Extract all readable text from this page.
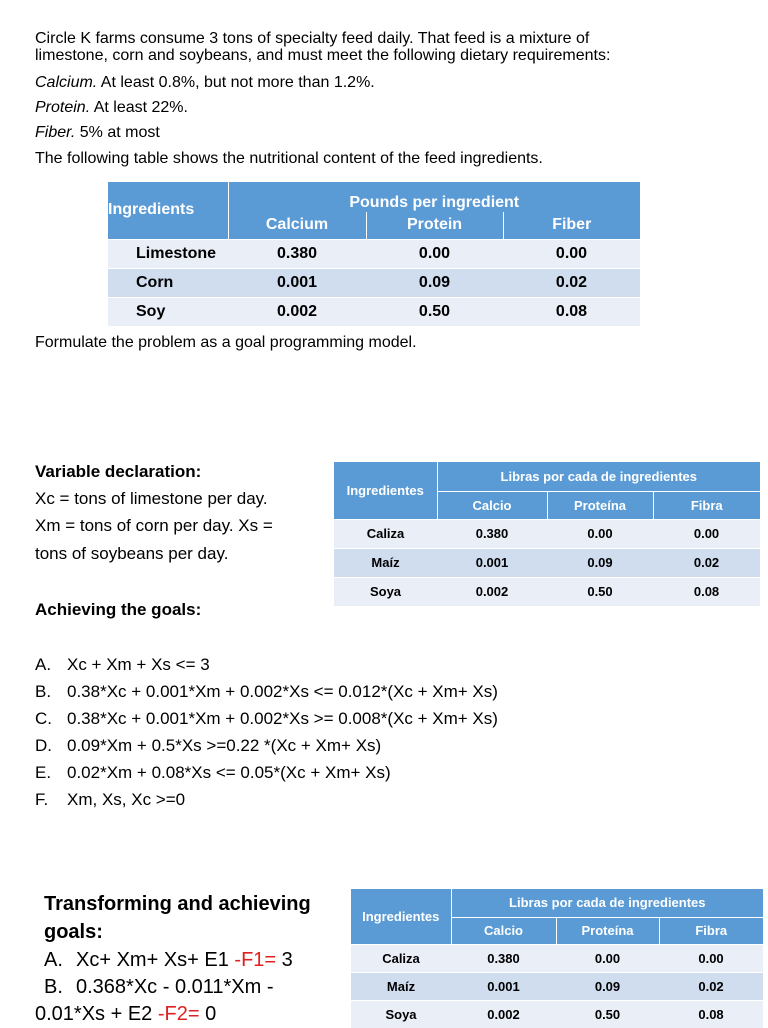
Circle K farms consume 3 tons of specialty feed daily. That feed is a mixture of
limestone, corn and soybeans, and must meet the following dietary requirements:
Calcium. At least 0.8%, but not more than 1.2%.
Protein. At least 22%.
Fiber. 5% at most
The following table shows the nutritional content of the feed ingredients.
Ingredients	Pounds per ingredient		
	Calcium	Protein	Fiber
Limestone	0.380	0.00	0.00
Corn	0.001	0.09	0.02
Soy	0.002	0.50	0.08
Formulate the problem as a goal programming model.
Variable declaration:
Xc = tons of limestone per day.
Xm = tons of corn per day. Xs =
tons of soybeans per day.
Ingredientes	Libras por cada de ingredientes		
	Calcio	Proteína	Fibra
Caliza	0.380	0.00	0.00
Maíz	0.001	0.09	0.02
Soya	0.002	0.50	0.08
Achieving the goals:
A. Xc + Xm + Xs <= 3
B. 0.38*Xc + 0.001*Xm + 0.002*Xs <= 0.012*(Xc + Xm+ Xs)
C. 0.38*Xc + 0.001*Xm + 0.002*Xs >= 0.008*(Xc + Xm+ Xs)
D. 0.09*Xm + 0.5*Xs >=0.22 *(Xc + Xm+ Xs)
E. 0.02*Xm + 0.08*Xs <= 0.05*(Xc + Xm+ Xs)
F. Xm, Xs, Xc >=0
Transforming and achieving
goals:
A. Xc+ Xm+ Xs+ E1 -F1= 3
B. 0.368*Xc - 0.011*Xm -
0.01*Xs + E2 -F2= 0
Ingredientes	Libras por cada de ingredientes		
	Calcio	Proteína	Fibra
Caliza	0.380	0.00	0.00
Maíz	0.001	0.09	0.02
Soya	0.002	0.50	0.08
